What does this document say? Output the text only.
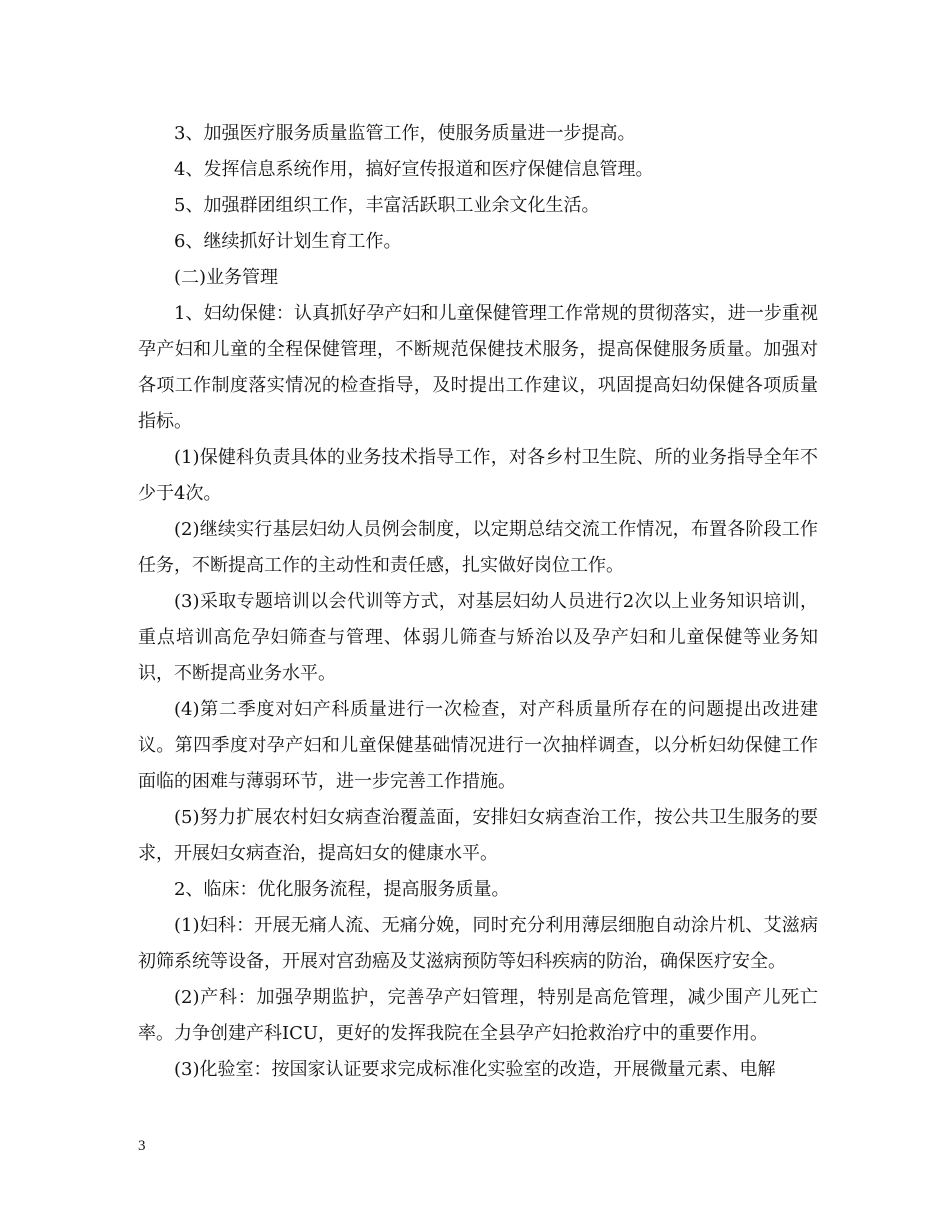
3、加强医疗服务质量监管工作，使服务质量进一步提高。

4、发挥信息系统作用，搞好宣传报道和医疗保健信息管理。

5、加强群团组织工作，丰富活跃职工业余文化生活。

6、继续抓好计划生育工作。

(二)业务管理

1、妇幼保健：认真抓好孕产妇和儿童保健管理工作常规的贯彻落实，进一步重视孕产妇和儿童的全程保健管理，不断规范保健技术服务，提高保健服务质量。加强对各项工作制度落实情况的检查指导，及时提出工作建议，巩固提高妇幼保健各项质量指标。

(1)保健科负责具体的业务技术指导工作，对各乡村卫生院、所的业务指导全年不少于4次。

(2)继续实行基层妇幼人员例会制度，以定期总结交流工作情况，布置各阶段工作任务，不断提高工作的主动性和责任感，扎实做好岗位工作。

(3)采取专题培训以会代训等方式，对基层妇幼人员进行2次以上业务知识培训，重点培训高危孕妇筛查与管理、体弱儿筛查与矫治以及孕产妇和儿童保健等业务知识，不断提高业务水平。

(4)第二季度对妇产科质量进行一次检查，对产科质量所存在的问题提出改进建议。第四季度对孕产妇和儿童保健基础情况进行一次抽样调查，以分析妇幼保健工作面临的困难与薄弱环节，进一步完善工作措施。

(5)努力扩展农村妇女病查治覆盖面，安排妇女病查治工作，按公共卫生服务的要求，开展妇女病查治，提高妇女的健康水平。

2、临床：优化服务流程，提高服务质量。

(1)妇科：开展无痛人流、无痛分娩，同时充分利用薄层细胞自动涂片机、艾滋病初筛系统等设备，开展对宫劲癌及艾滋病预防等妇科疾病的防治，确保医疗安全。

(2)产科：加强孕期监护，完善孕产妇管理，特别是高危管理，减少围产儿死亡率。力争创建产科ICU，更好的发挥我院在全县孕产妇抢救治疗中的重要作用。

(3)化验室：按国家认证要求完成标准化实验室的改造，开展微量元素、电解

3
